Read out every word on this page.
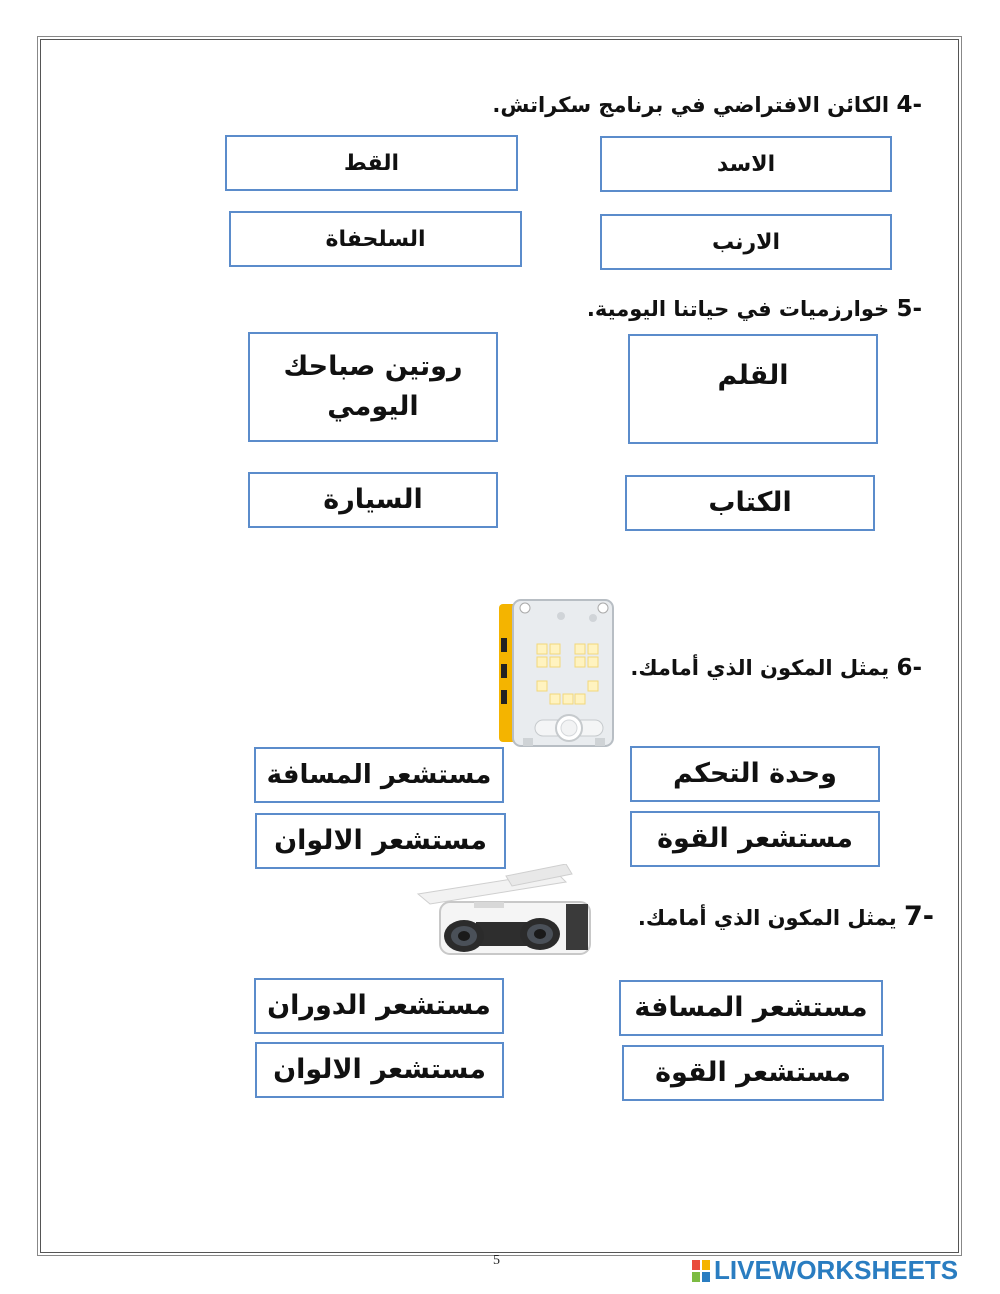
-4 الكائن الافتراضي في برنامج سكراتش.
الاسد
القط
الارنب
السلحفاة
-5 خوارزميات في حياتنا اليومية.
القلم
روتين صباحك اليومي
الكتاب
السيارة
-6 يمثل المكون الذي أمامك.
وحدة التحكم
مستشعر المسافة
مستشعر القوة
مستشعر الالوان
-7 يمثل المكون الذي أمامك.
مستشعر المسافة
مستشعر الدوران
مستشعر القوة
مستشعر الالوان
5	LIVEWORKSHEETS
